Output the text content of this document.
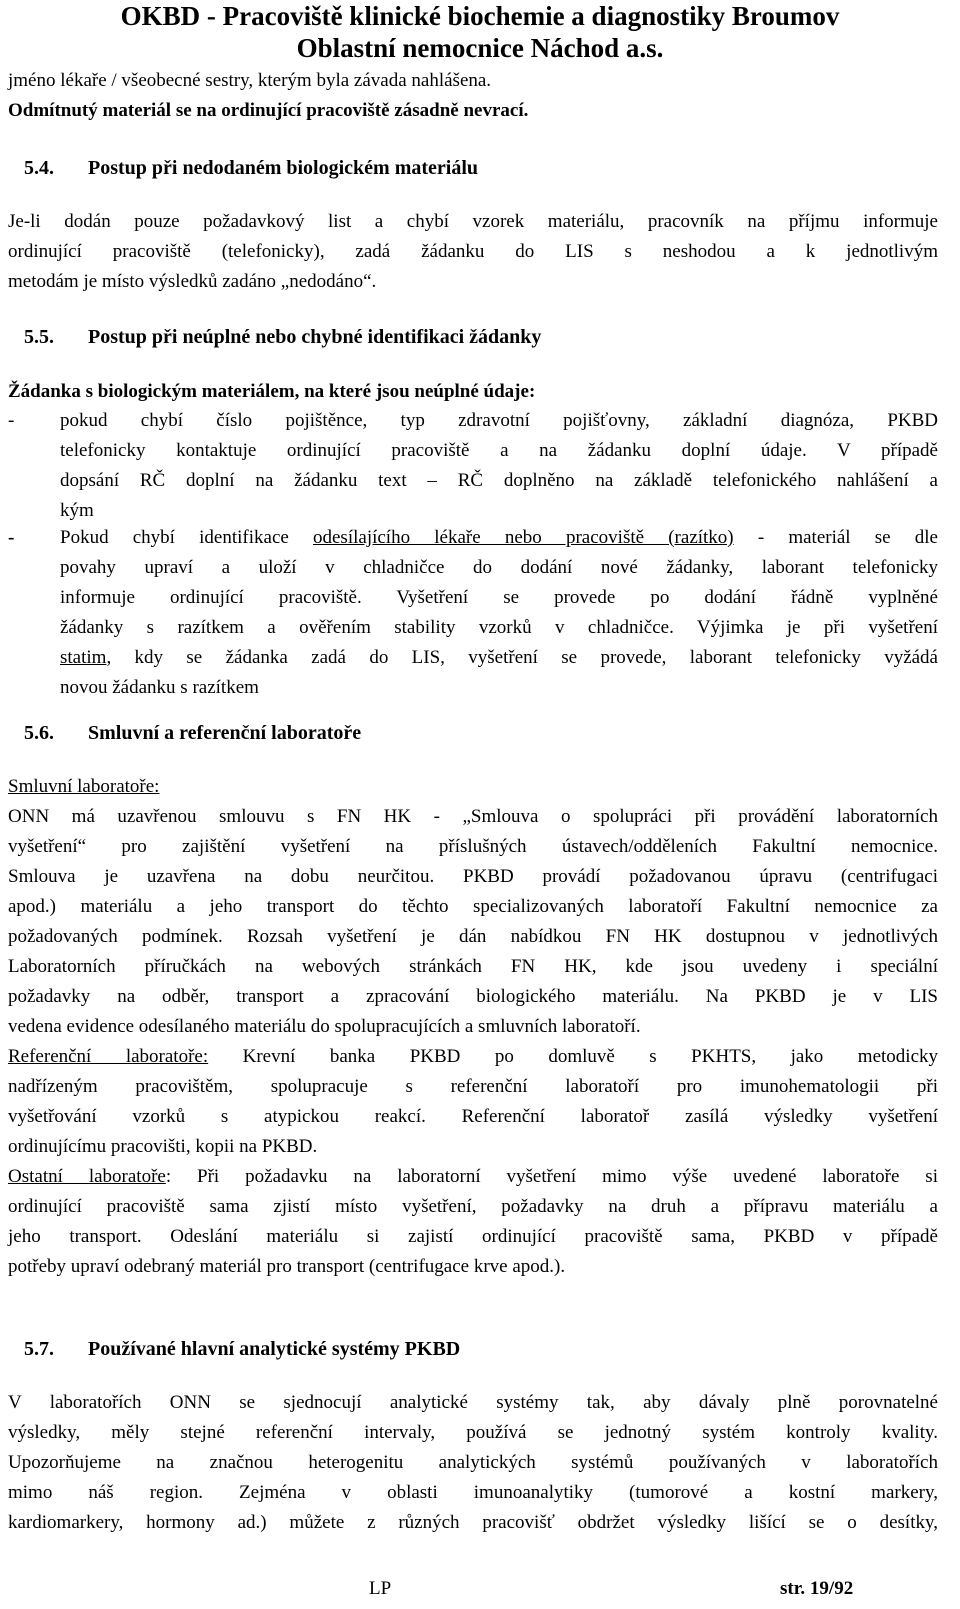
OKBD - Pracoviště klinické biochemie a diagnostiky Broumov
Oblastní nemocnice Náchod a.s.
jméno lékaře / všeobecné sestry, kterým byla závada nahlášena.
Odmítnutý materiál se na ordinující pracoviště zásadně nevrací.
5.4. Postup při nedodaném biologickém materiálu
Je-li dodán pouze požadavkový list a chybí vzorek materiálu, pracovník na příjmu informuje
ordinující pracoviště (telefonicky), zadá žádanku do LIS s neshodou a k jednotlivým
metodám je místo výsledků zadáno „nedodáno“.
5.5. Postup při neúplné nebo chybné identifikaci žádanky
Žádanka s biologickým materiálem, na které jsou neúplné údaje:
- pokud chybí číslo pojištěnce, typ zdravotní pojišťovny, základní diagnóza, PKBD
telefonicky kontaktuje ordinující pracoviště a na žádanku doplní údaje. V případě
dopsání RČ doplní na žádanku text – RČ doplněno na základě telefonického nahlášení a
kým
- Pokud chybí identifikace odesílajícího lékaře nebo pracoviště (razítko) - materiál se dle
povahy upraví a uloží v chladničce do dodání nové žádanky, laborant telefonicky
informuje ordinující pracoviště. Vyšetření se provede po dodání řádně vyplněné
žádanky s razítkem a ověřením stability vzorků v chladničce. Výjimka je při vyšetření
statim, kdy se žádanka zadá do LIS, vyšetření se provede, laborant telefonicky vyžádá
novou žádanku s razítkem
5.6. Smluvní a referenční laboratoře
Smluvní laboratoře:
ONN má uzavřenou smlouvu s FN HK - „Smlouva o spolupráci při provádění laboratorních
vyšetření“ pro zajištění vyšetření na příslušných ústavech/odděleních Fakultní nemocnice.
Smlouva je uzavřena na dobu neurčitou. PKBD provádí požadovanou úpravu (centrifugaci
apod.) materiálu a jeho transport do těchto specializovaných laboratoří Fakultní nemocnice za
požadovaných podmínek. Rozsah vyšetření je dán nabídkou FN HK dostupnou v jednotlivých
Laboratorních příručkách na webových stránkách FN HK, kde jsou uvedeny i speciální
požadavky na odběr, transport a zpracování biologického materiálu. Na PKBD je v LIS
vedena evidence odesílaného materiálu do spolupracujících a smluvních laboratoří.
Referenční laboratoře: Krevní banka PKBD po domluvě s PKHTS, jako metodicky
nadřízeným pracovištěm, spolupracuje s referenční laboratoří pro imunohematologii při
vyšetřování vzorků s atypickou reakcí. Referenční laboratoř zasílá výsledky vyšetření
ordinujícímu pracovišti, kopii na PKBD.
Ostatní laboratoře: Při požadavku na laboratorní vyšetření mimo výše uvedené laboratoře si
ordinující pracoviště sama zjistí místo vyšetření, požadavky na druh a přípravu materiálu a
jeho transport. Odeslání materiálu si zajistí ordinující pracoviště sama, PKBD v případě
potřeby upraví odebraný materiál pro transport (centrifugace krve apod.).
5.7. Používané hlavní analytické systémy PKBD
V laboratořích ONN se sjednocují analytické systémy tak, aby dávaly plně porovnatelné
výsledky, měly stejné referenční intervaly, používá se jednotný systém kontroly kvality.
Upozorňujeme na značnou heterogenitu analytických systémů používaných v laboratořích
mimo náš region. Zejména v oblasti imunoanalytiky (tumorové a kostní markery,
kardiomarkery, hormony ad.) můžete z různých pracovišť obdržet výsledky lišící se o desítky,
LP	str. 19/92
